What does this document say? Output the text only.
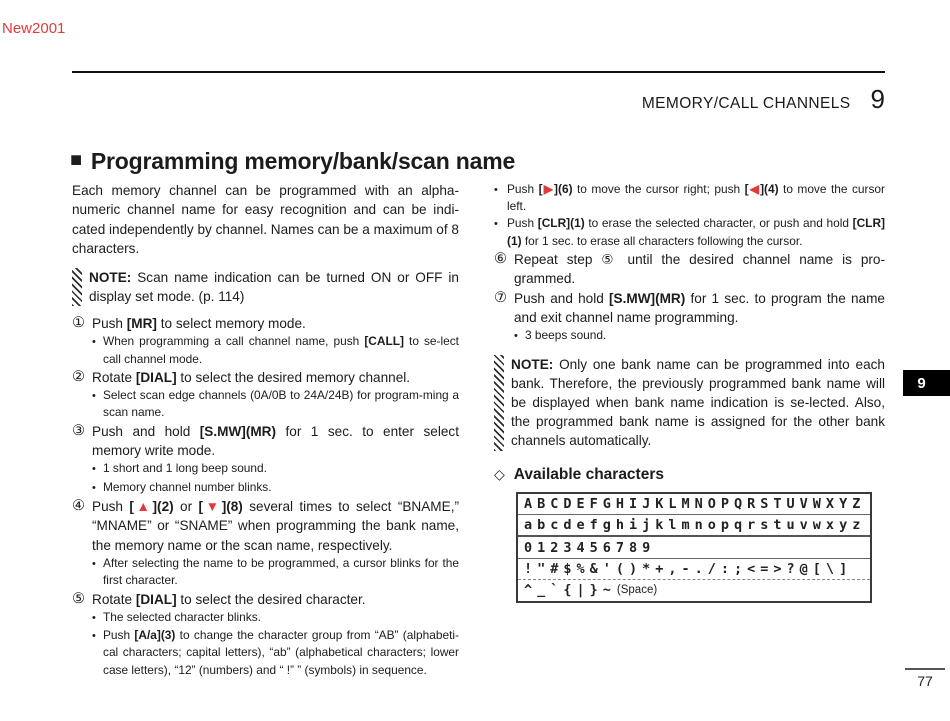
New2001
MEMORY/CALL CHANNELS 9
■ Programming memory/bank/scan name

Each memory channel can be programmed with an alpha-numeric channel name for easy recognition and can be indi-cated independently by channel. Names can be a maximum of 8 characters.

NOTE: Scan name indication can be turned ON or OFF in display set mode. (p. 114)
① Push [MR] to select memory mode.
• When programming a call channel name, push [CALL] to se-lect call channel mode.
② Rotate [DIAL] to select the desired memory channel.
• Select scan edge channels (0A/0B to 24A/24B) for program-ming a scan name.
③ Push and hold [S.MW](MR) for 1 sec. to enter select memory write mode.
• 1 short and 1 long beep sound.
• Memory channel number blinks.
④ Push [▲](2) or [▼](8) several times to select “BNAME,” “MNAME” or “SNAME” when programming the bank name, the memory name or the scan name, respectively.
• After selecting the name to be programmed, a cursor blinks for the first character.
⑤ Rotate [DIAL] to select the desired character.
• The selected character blinks.
• Push [A/a](3) to change the character group from “AB” (alphabeti-cal characters; capital letters), “ab” (alphabetical characters; lower case letters), “12” (numbers) and “ !” ” (symbols) in sequence.
• Push [▶](6) to move the cursor right; push [◀](4) to move the cursor left.
• Push [CLR](1) to erase the selected character, or push and hold [CLR](1) for 1 sec. to erase all characters following the cursor.
⑥ Repeat step ⑤ until the desired channel name is pro-grammed.
⑦ Push and hold [S.MW](MR) for 1 sec. to program the name and exit channel name programming.
• 3 beeps sound.
NOTE: Only one bank name can be programmed into each bank. Therefore, the previously programmed bank name will be displayed when bank name indication is se-lected. Also, the programmed bank name is assigned for the other bank channels automatically.
◇ Available characters
ABCDEFGHIJKLMNOPQRSTUVWXYZ
abcdefghijklmnopqrstuvwxyz
0123456789
!"#$%&'()*+,-./:;<=>?@[\]
^_`{|}~ (Space)
9
77
